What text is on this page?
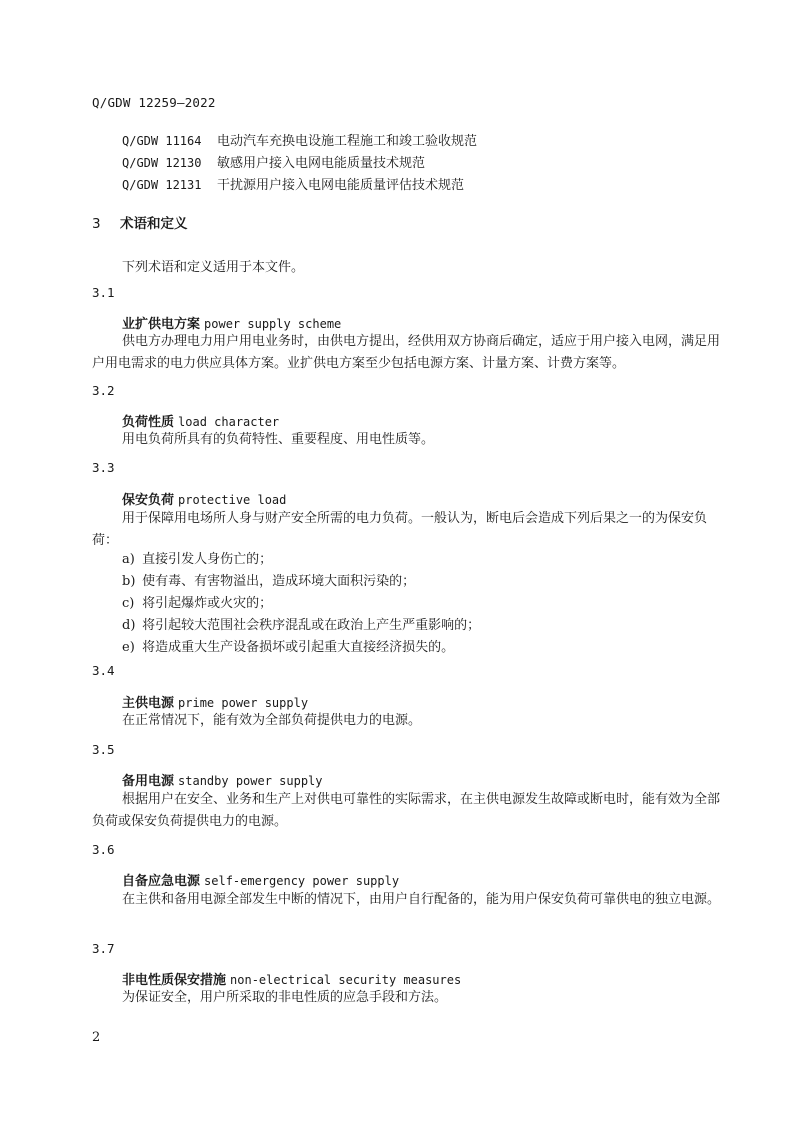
Q/GDW 12259—2022
Q/GDW 11164 电动汽车充换电设施工程施工和竣工验收规范
Q/GDW 12130 敏感用户接入电网电能质量技术规范
Q/GDW 12131 干扰源用户接入电网电能质量评估技术规范
3 术语和定义
下列术语和定义适用于本文件。
3.1
业扩供电方案 power supply scheme

供电方办理电力用户用电业务时，由供电方提出，经供用双方协商后确定，适应于用户接入电网，满足用户用电需求的电力供应具体方案。业扩供电方案至少包括电源方案、计量方案、计费方案等。

3.2
负荷性质 load character

用电负荷所具有的负荷特性、重要程度、用电性质等。

3.3
保安负荷 protective load

用于保障用电场所人身与财产安全所需的电力负荷。一般认为，断电后会造成下列后果之一的为保安负荷：

a) 直接引发人身伤亡的；
b) 使有毒、有害物溢出，造成环境大面积污染的；
c) 将引起爆炸或火灾的；
d) 将引起较大范围社会秩序混乱或在政治上产生严重影响的；
e) 将造成重大生产设备损坏或引起重大直接经济损失的。
3.4
主供电源 prime power supply

在正常情况下，能有效为全部负荷提供电力的电源。

3.5
备用电源 standby power supply

根据用户在安全、业务和生产上对供电可靠性的实际需求，在主供电源发生故障或断电时，能有效为全部负荷或保安负荷提供电力的电源。

3.6
自备应急电源 self-emergency power supply

在主供和备用电源全部发生中断的情况下，由用户自行配备的，能为用户保安负荷可靠供电的独立电源。

3.7
非电性质保安措施 non-electrical security measures

为保证安全，用户所采取的非电性质的应急手段和方法。

2
